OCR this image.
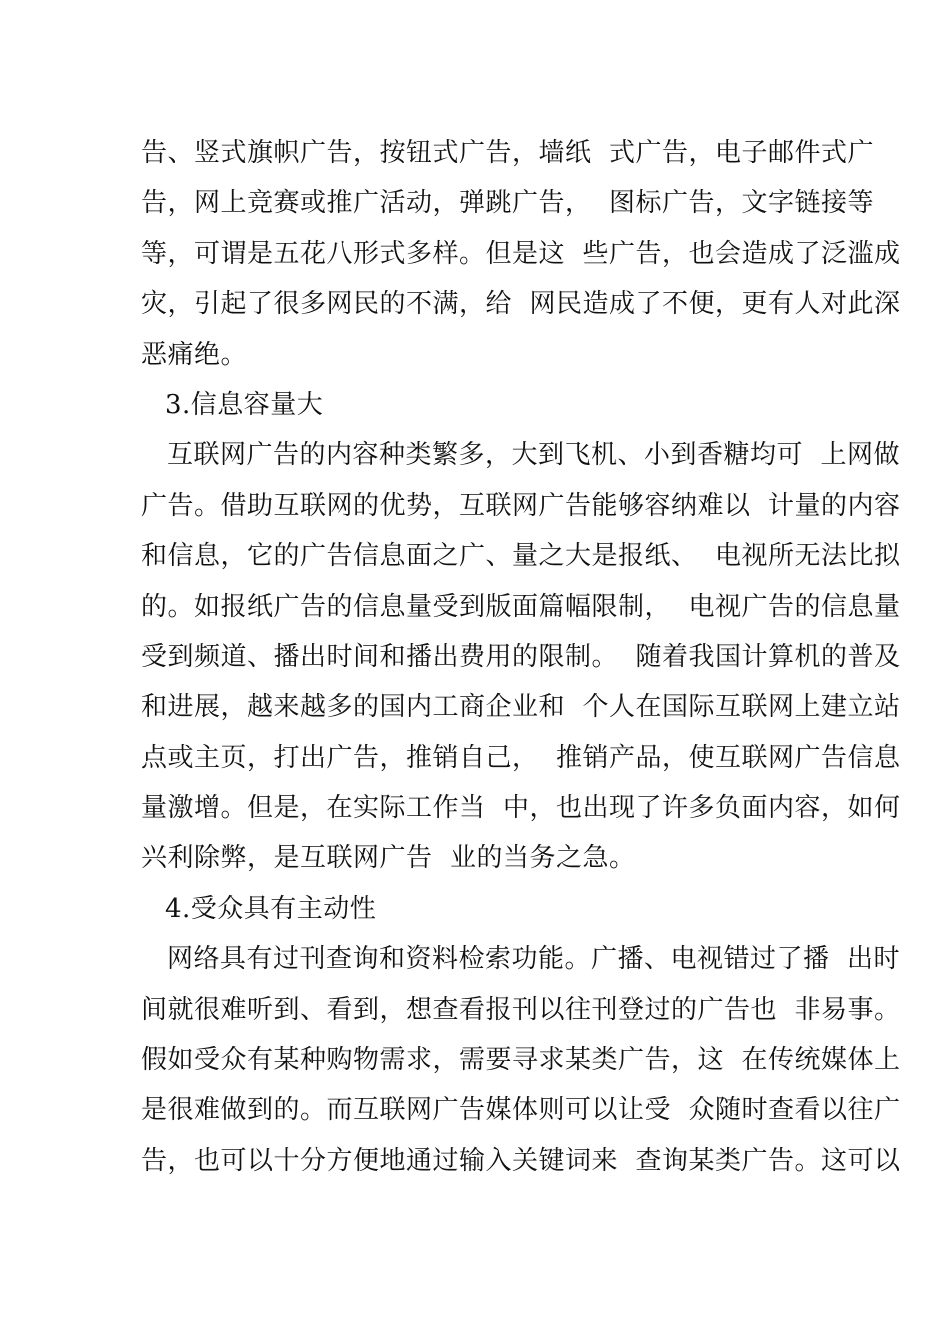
告、竖式旗帜广告，按钮式广告，墙纸  式广告，电子邮件式广
告，网上竞赛或推广活动，弹跳广告，  图标广告，文字链接等
等，可谓是五花八形式多样。但是这  些广告，也会造成了泛滥成
灾，引起了很多网民的不满，给  网民造成了不便，更有人对此深
恶痛绝。
3.信息容量大
互联网广告的内容种类繁多，大到飞机、小到香糖均可  上网做
广告。借助互联网的优势，互联网广告能够容纳难以  计量的内容
和信息，它的广告信息面之广、量之大是报纸、  电视所无法比拟
的。如报纸广告的信息量受到版面篇幅限制，  电视广告的信息量
受到频道、播出时间和播出费用的限制。  随着我国计算机的普及
和进展，越来越多的国内工商企业和  个人在国际互联网上建立站
点或主页，打出广告，推销自己，  推销产品，使互联网广告信息
量激增。但是，在实际工作当  中，也出现了许多负面内容，如何
兴利除弊，是互联网广告  业的当务之急。
4.受众具有主动性
网络具有过刊查询和资料检索功能。广播、电视错过了播  出时
间就很难听到、看到，想查看报刊以往刊登过的广告也  非易事。
假如受众有某种购物需求，需要寻求某类广告，这  在传统媒体上
是很难做到的。而互联网广告媒体则可以让受  众随时查看以往广
告，也可以十分方便地通过输入关键词来  查询某类广告。这可以
